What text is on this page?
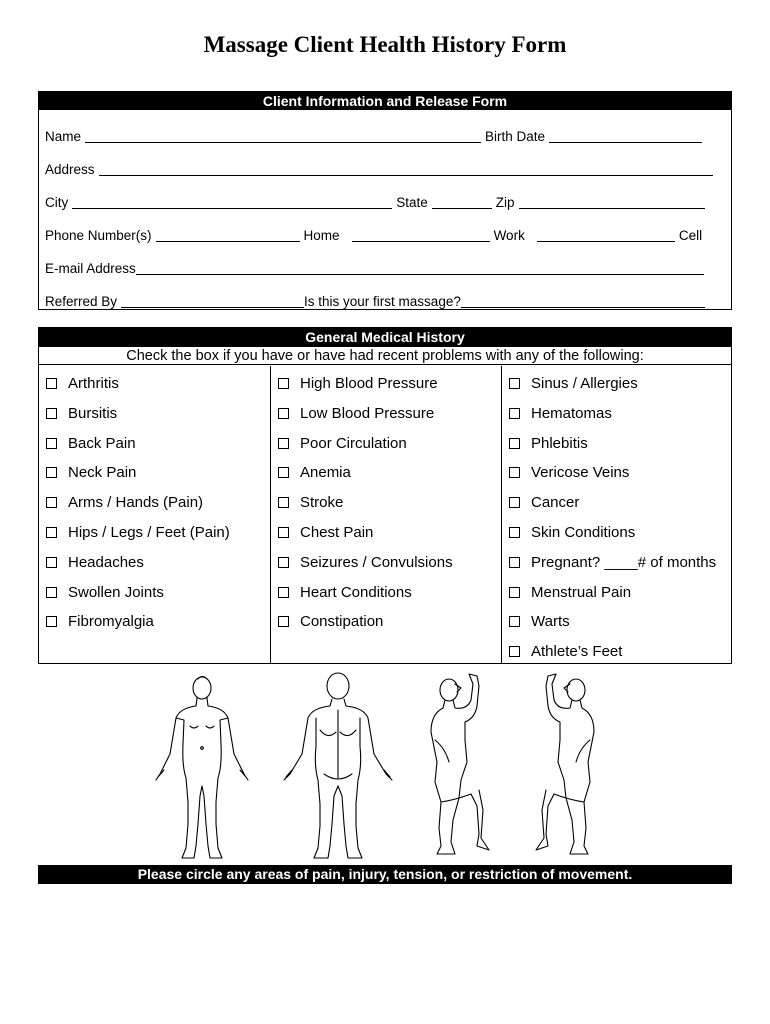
Massage Client Health History Form
Client Information and Release Form
Name	Birth Date
Address
City	State	Zip
Phone Number(s)	Home	Work	Cell
E-mail Address
Referred By	Is this your first massage?
General Medical History
Check the box if you have or have had recent problems with any of the following:
Arthritis
Bursitis
Back Pain
Neck Pain
Arms / Hands (Pain)
Hips / Legs / Feet (Pain)
Headaches
Swollen Joints
Fibromyalgia
High Blood Pressure
Low Blood Pressure
Poor Circulation
Anemia
Stroke
Chest Pain
Seizures / Convulsions
Heart Conditions
Constipation
Sinus / Allergies
Hematomas
Phlebitis
Vericose Veins
Cancer
Skin Conditions
Pregnant? ____# of months
Menstrual Pain
Warts
Athlete’s Feet
Please circle any areas of pain, injury, tension, or restriction of movement.
